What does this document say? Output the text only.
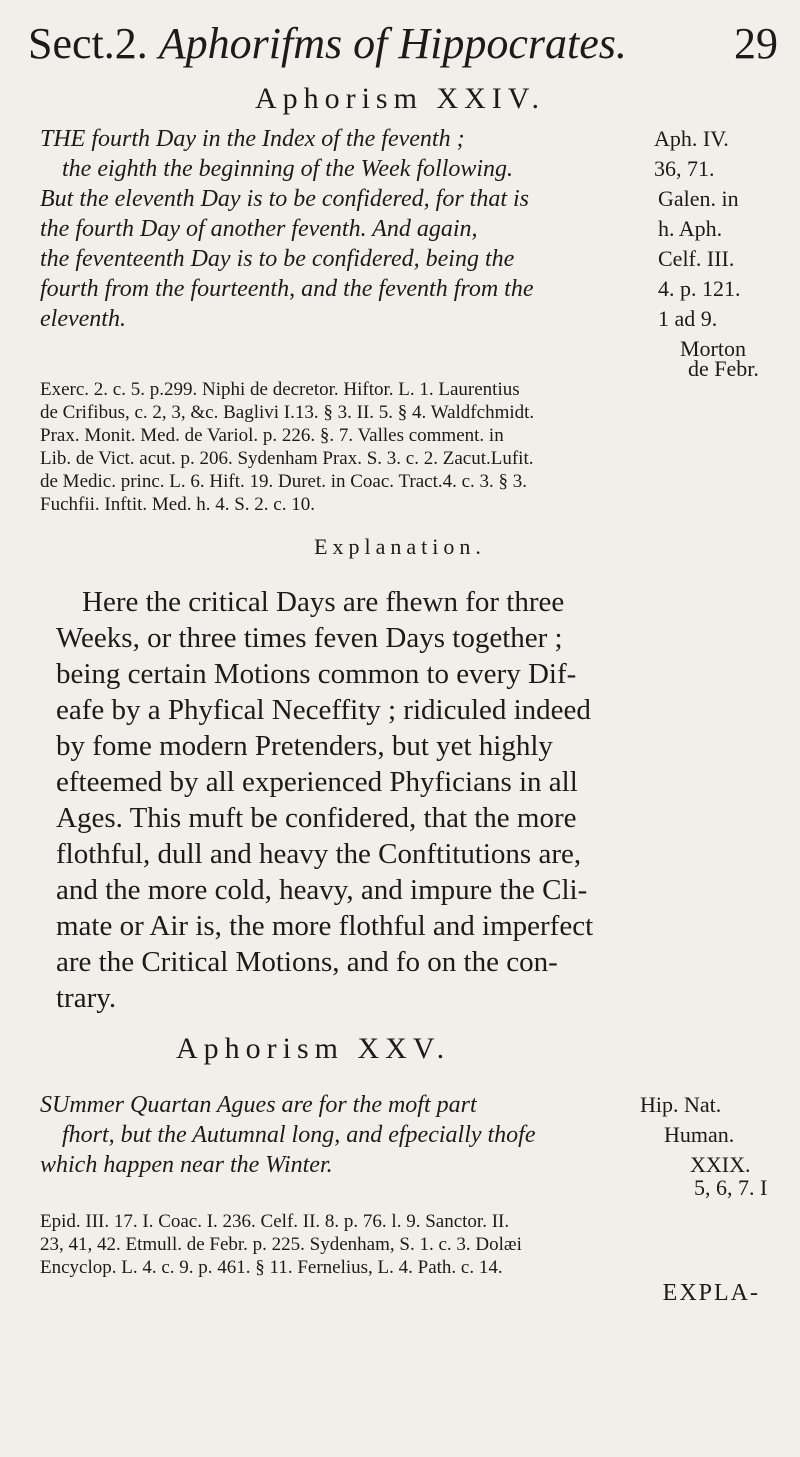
Sect.2. Aphorifms of Hippocrates. 29
Aphorism XXIV.
THE fourth Day in the Index of the feventh ;	Aph. IV.
the eighth the beginning of the Week following.	36, 71.
But the eleventh Day is to be confidered, for that is	Galen. in
the fourth Day of another feventh. And again,	h. Aph.
the feventeenth Day is to be confidered, being the	Celf. III.
fourth from the fourteenth, and the feventh from the	4. p. 121.
eleventh.	1 ad 9.
Morton
de Febr.
Exerc. 2. c. 5. p.299. Niphi de decretor. Hiftor. L. 1. Laurentius
de Crifibus, c. 2, 3, &c. Baglivi I.13. § 3. II. 5. § 4. Waldfchmidt.
Prax. Monit. Med. de Variol. p. 226. §. 7. Valles comment. in
Lib. de Vict. acut. p. 206. Sydenham Prax. S. 3. c. 2. Zacut.Lufit.
de Medic. princ. L. 6. Hift. 19. Duret. in Coac. Tract.4. c. 3. § 3.
Fuchfii. Inftit. Med. h. 4. S. 2. c. 10.
Explanation.
Here the critical Days are fhewn for three
Weeks, or three times feven Days together ;
being certain Motions common to every Dif-
eafe by a Phyfical Neceffity ; ridiculed indeed
by fome modern Pretenders, but yet highly
efteemed by all experienced Phyficians in all
Ages. This muft be confidered, that the more
flothful, dull and heavy the Conftitutions are,
and the more cold, heavy, and impure the Cli-
mate or Air is, the more flothful and imperfect
are the Critical Motions, and fo on the con-
trary.
Aphorism XXV.
SUmmer Quartan Agues are for the moft part	Hip. Nat.
fhort, but the Autumnal long, and efpecially thofe	Human.
which happen near the Winter.	XXIX.
5, 6, 7. I
Epid. III. 17. I. Coac. I. 236. Celf. II. 8. p. 76. l. 9. Sanctor. II.
23, 41, 42. Etmull. de Febr. p. 225. Sydenham, S. 1. c. 3. Dolæi
Encyclop. L. 4. c. 9. p. 461. § 11. Fernelius, L. 4. Path. c. 14.
EXPLA-
